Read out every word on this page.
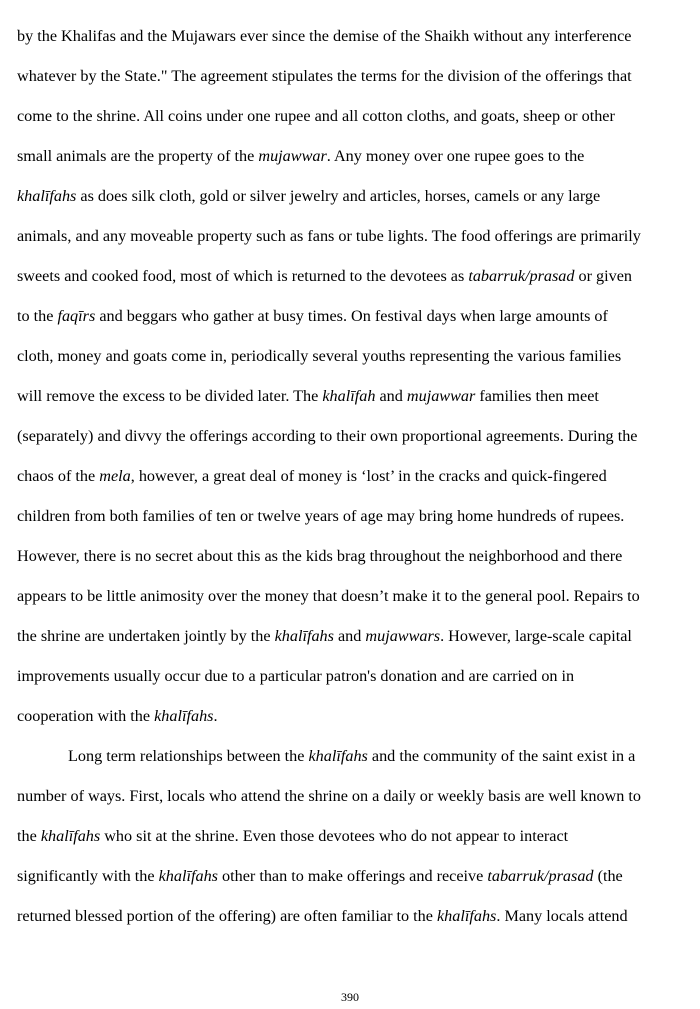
by the Khalifas and the Mujawars ever since the demise of the Shaikh without any interference
whatever by the State." The agreement stipulates the terms for the division of the offerings that
come to the shrine. All coins under one rupee and all cotton cloths, and goats, sheep or other
small animals are the property of the mujawwar. Any money over one rupee goes to the
khalīfahs as does silk cloth, gold or silver jewelry and articles, horses, camels or any large
animals, and any moveable property such as fans or tube lights. The food offerings are primarily
sweets and cooked food, most of which is returned to the devotees as tabarruk/prasad or given
to the faqīrs and beggars who gather at busy times. On festival days when large amounts of
cloth, money and goats come in, periodically several youths representing the various families
will remove the excess to be divided later. The khalīfah and mujawwar families then meet
(separately) and divvy the offerings according to their own proportional agreements. During the
chaos of the mela, however, a great deal of money is ‘lost’ in the cracks and quick-fingered
children from both families of ten or twelve years of age may bring home hundreds of rupees.
However, there is no secret about this as the kids brag throughout the neighborhood and there
appears to be little animosity over the money that doesn’t make it to the general pool. Repairs to
the shrine are undertaken jointly by the khalīfahs and mujawwars. However, large-scale capital
improvements usually occur due to a particular patron's donation and are carried on in
cooperation with the khalīfahs.
Long term relationships between the khalīfahs and the community of the saint exist in a
number of ways. First, locals who attend the shrine on a daily or weekly basis are well known to
the khalīfahs who sit at the shrine. Even those devotees who do not appear to interact
significantly with the khalīfahs other than to make offerings and receive tabarruk/prasad (the
returned blessed portion of the offering) are often familiar to the khalīfahs. Many locals attend
390
